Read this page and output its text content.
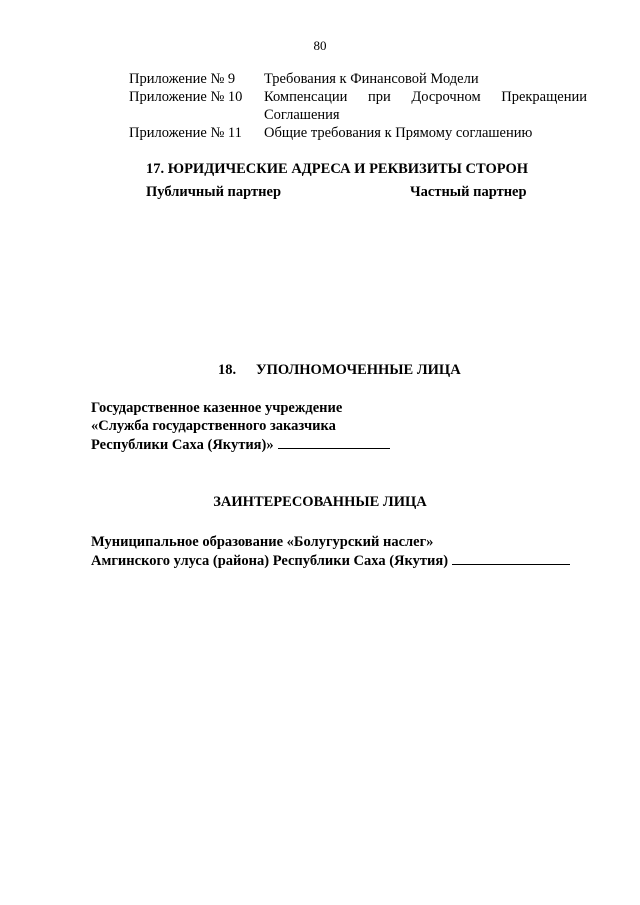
80
Приложение № 9	Требования к Финансовой Модели
Приложение № 10	Компенсации при Досрочном Прекращении
Соглашения
Приложение № 11	Общие требования к Прямому соглашению
17. ЮРИДИЧЕСКИЕ АДРЕСА И РЕКВИЗИТЫ СТОРОН
Публичный партнер	Частный партнер
18. УПОЛНОМОЧЕННЫЕ ЛИЦА
Государственное казенное учреждение
«Служба государственного заказчика
Республики Саха (Якутия)»
ЗАИНТЕРЕСОВАННЫЕ ЛИЦА
Муниципальное образование «Болугурский наслег»
Амгинского улуса (района) Республики Саха (Якутия)
